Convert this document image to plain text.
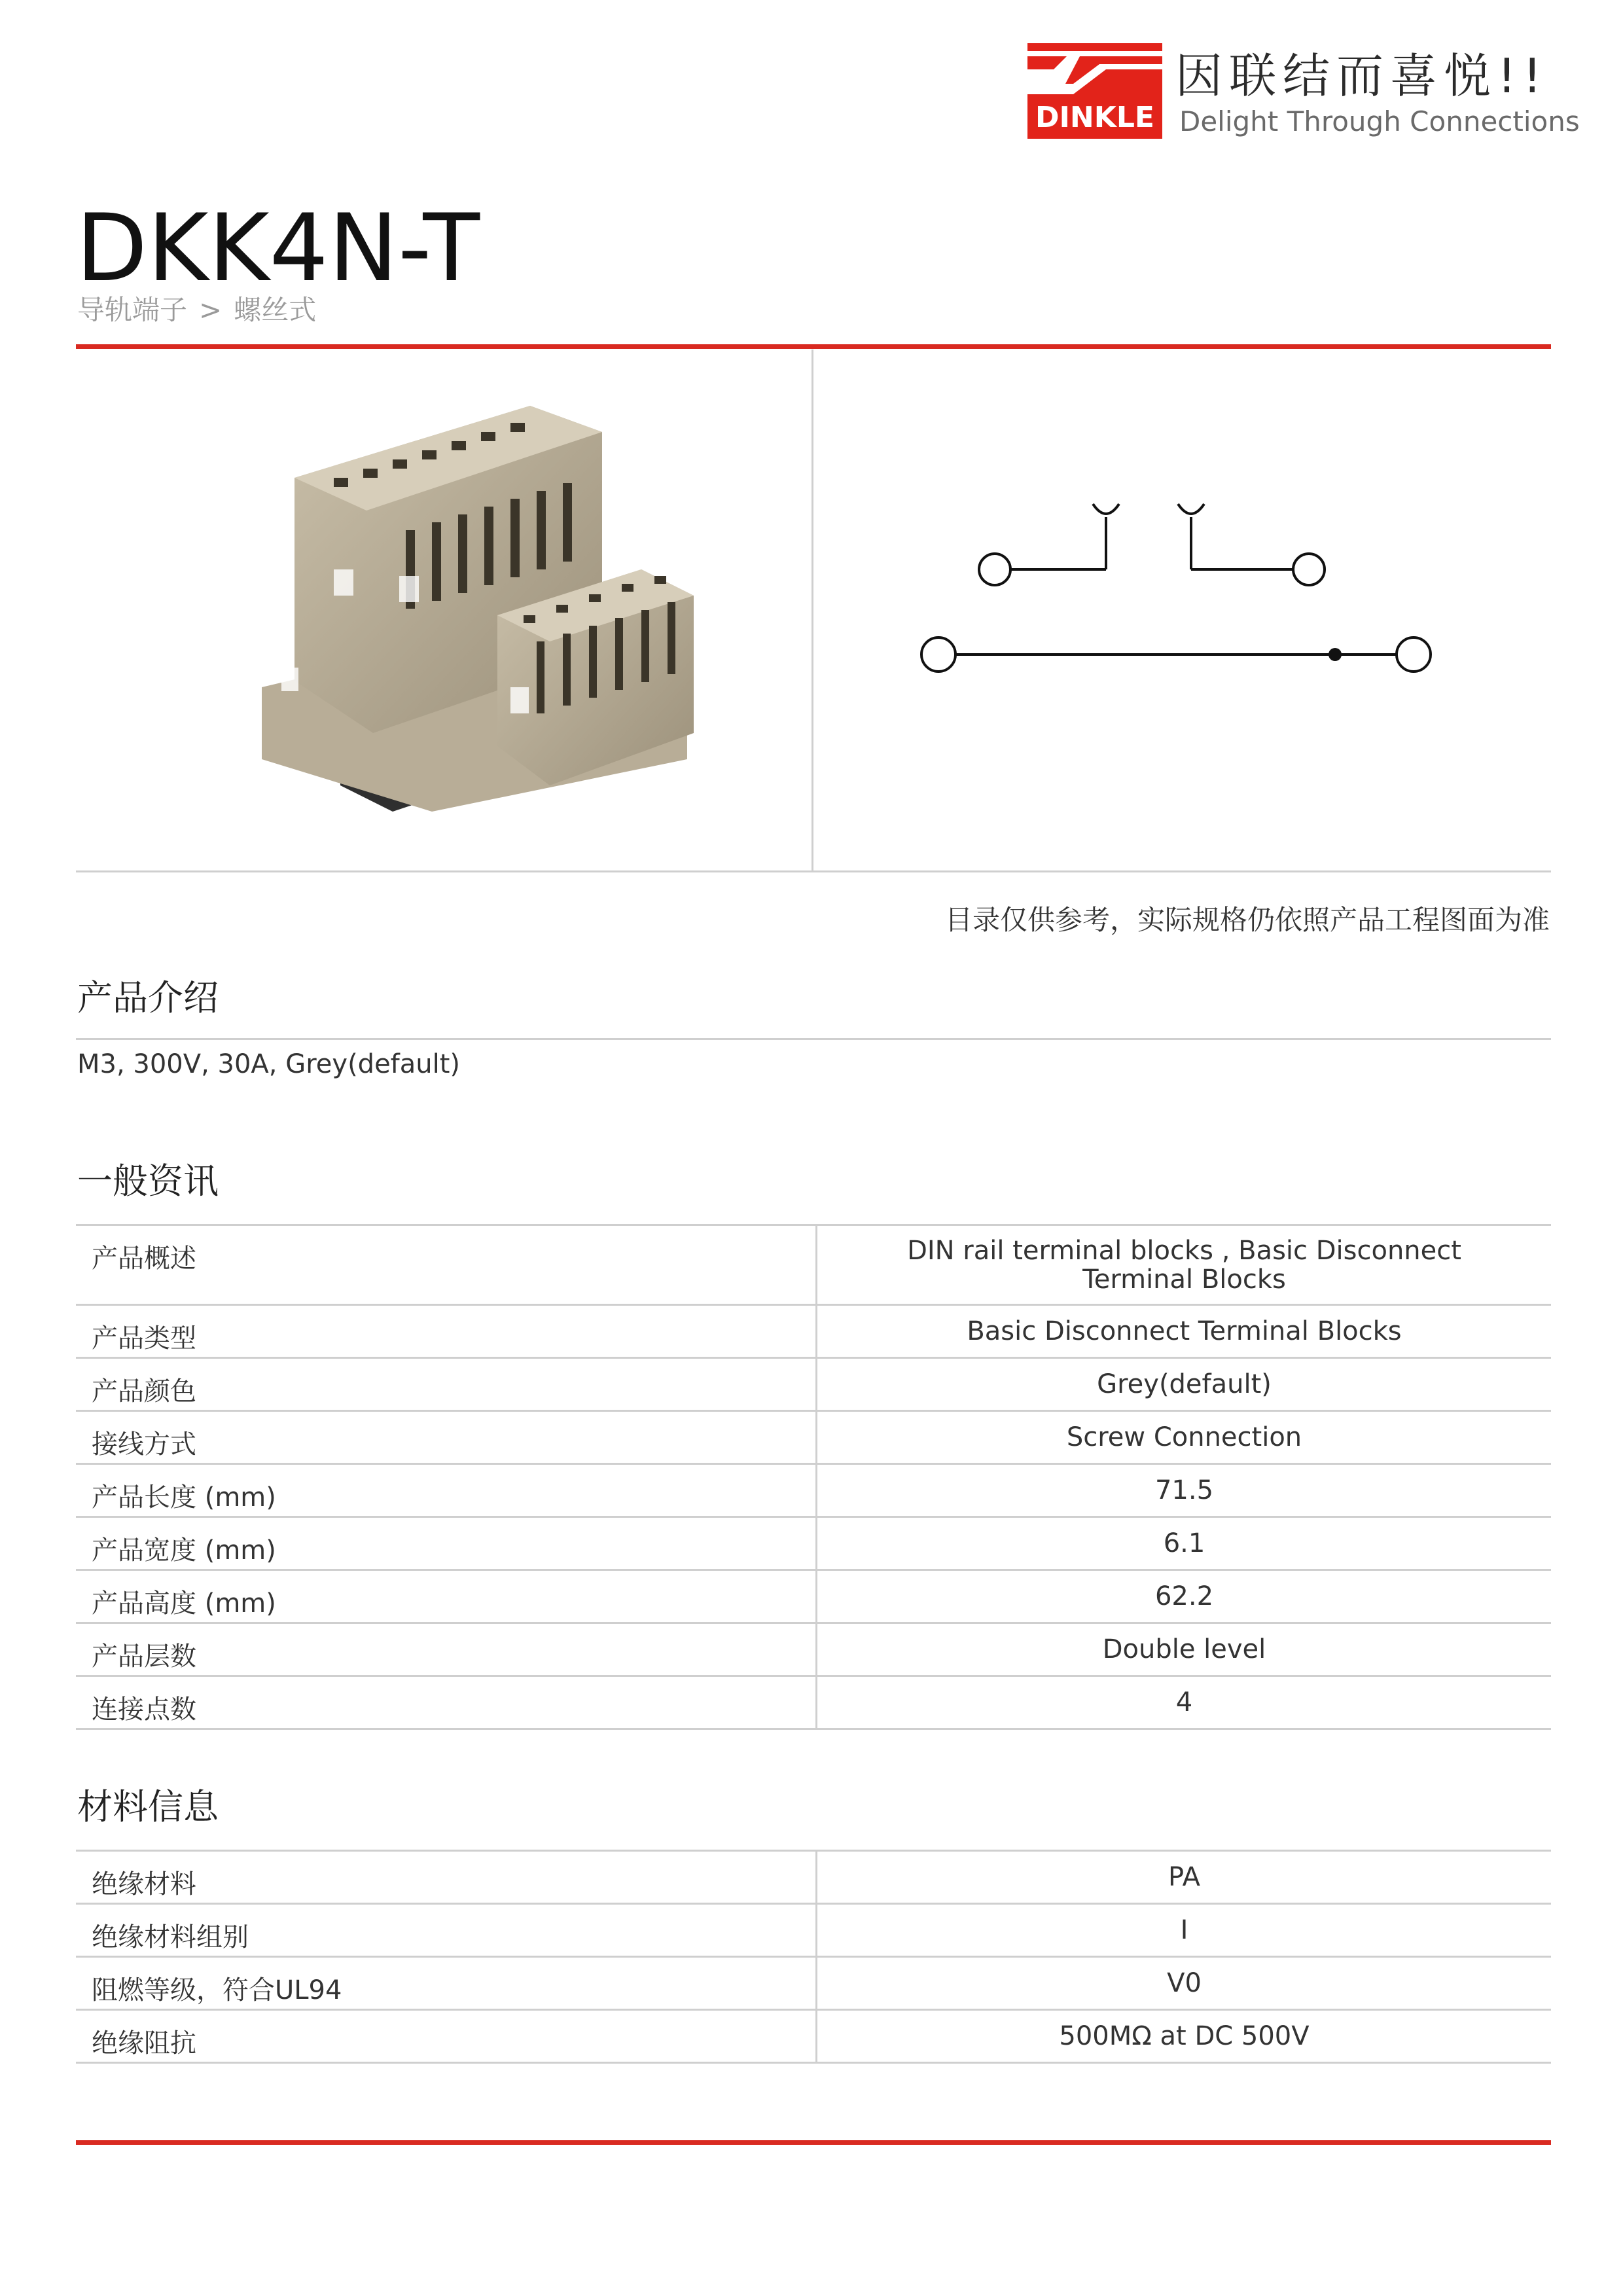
DINKLE
因联结而喜悦!!
Delight Through Connections
DKK4N-T
导轨端子 > 螺丝式
目录仅供参考，实际规格仍依照产品工程图面为准
产品介绍
M3, 300V, 30A, Grey(default)
一般资讯
产品概述	DIN rail terminal blocks , Basic Disconnect Terminal Blocks
产品类型	Basic Disconnect Terminal Blocks
产品颜色	Grey(default)
接线方式	Screw Connection
产品长度 (mm)	71.5
产品宽度 (mm)	6.1
产品高度 (mm)	62.2
产品层数	Double level
连接点数	4
材料信息
绝缘材料	PA
绝缘材料组别	I
阻燃等级，符合UL94	V0
绝缘阻抗	500MΩ at DC 500V
